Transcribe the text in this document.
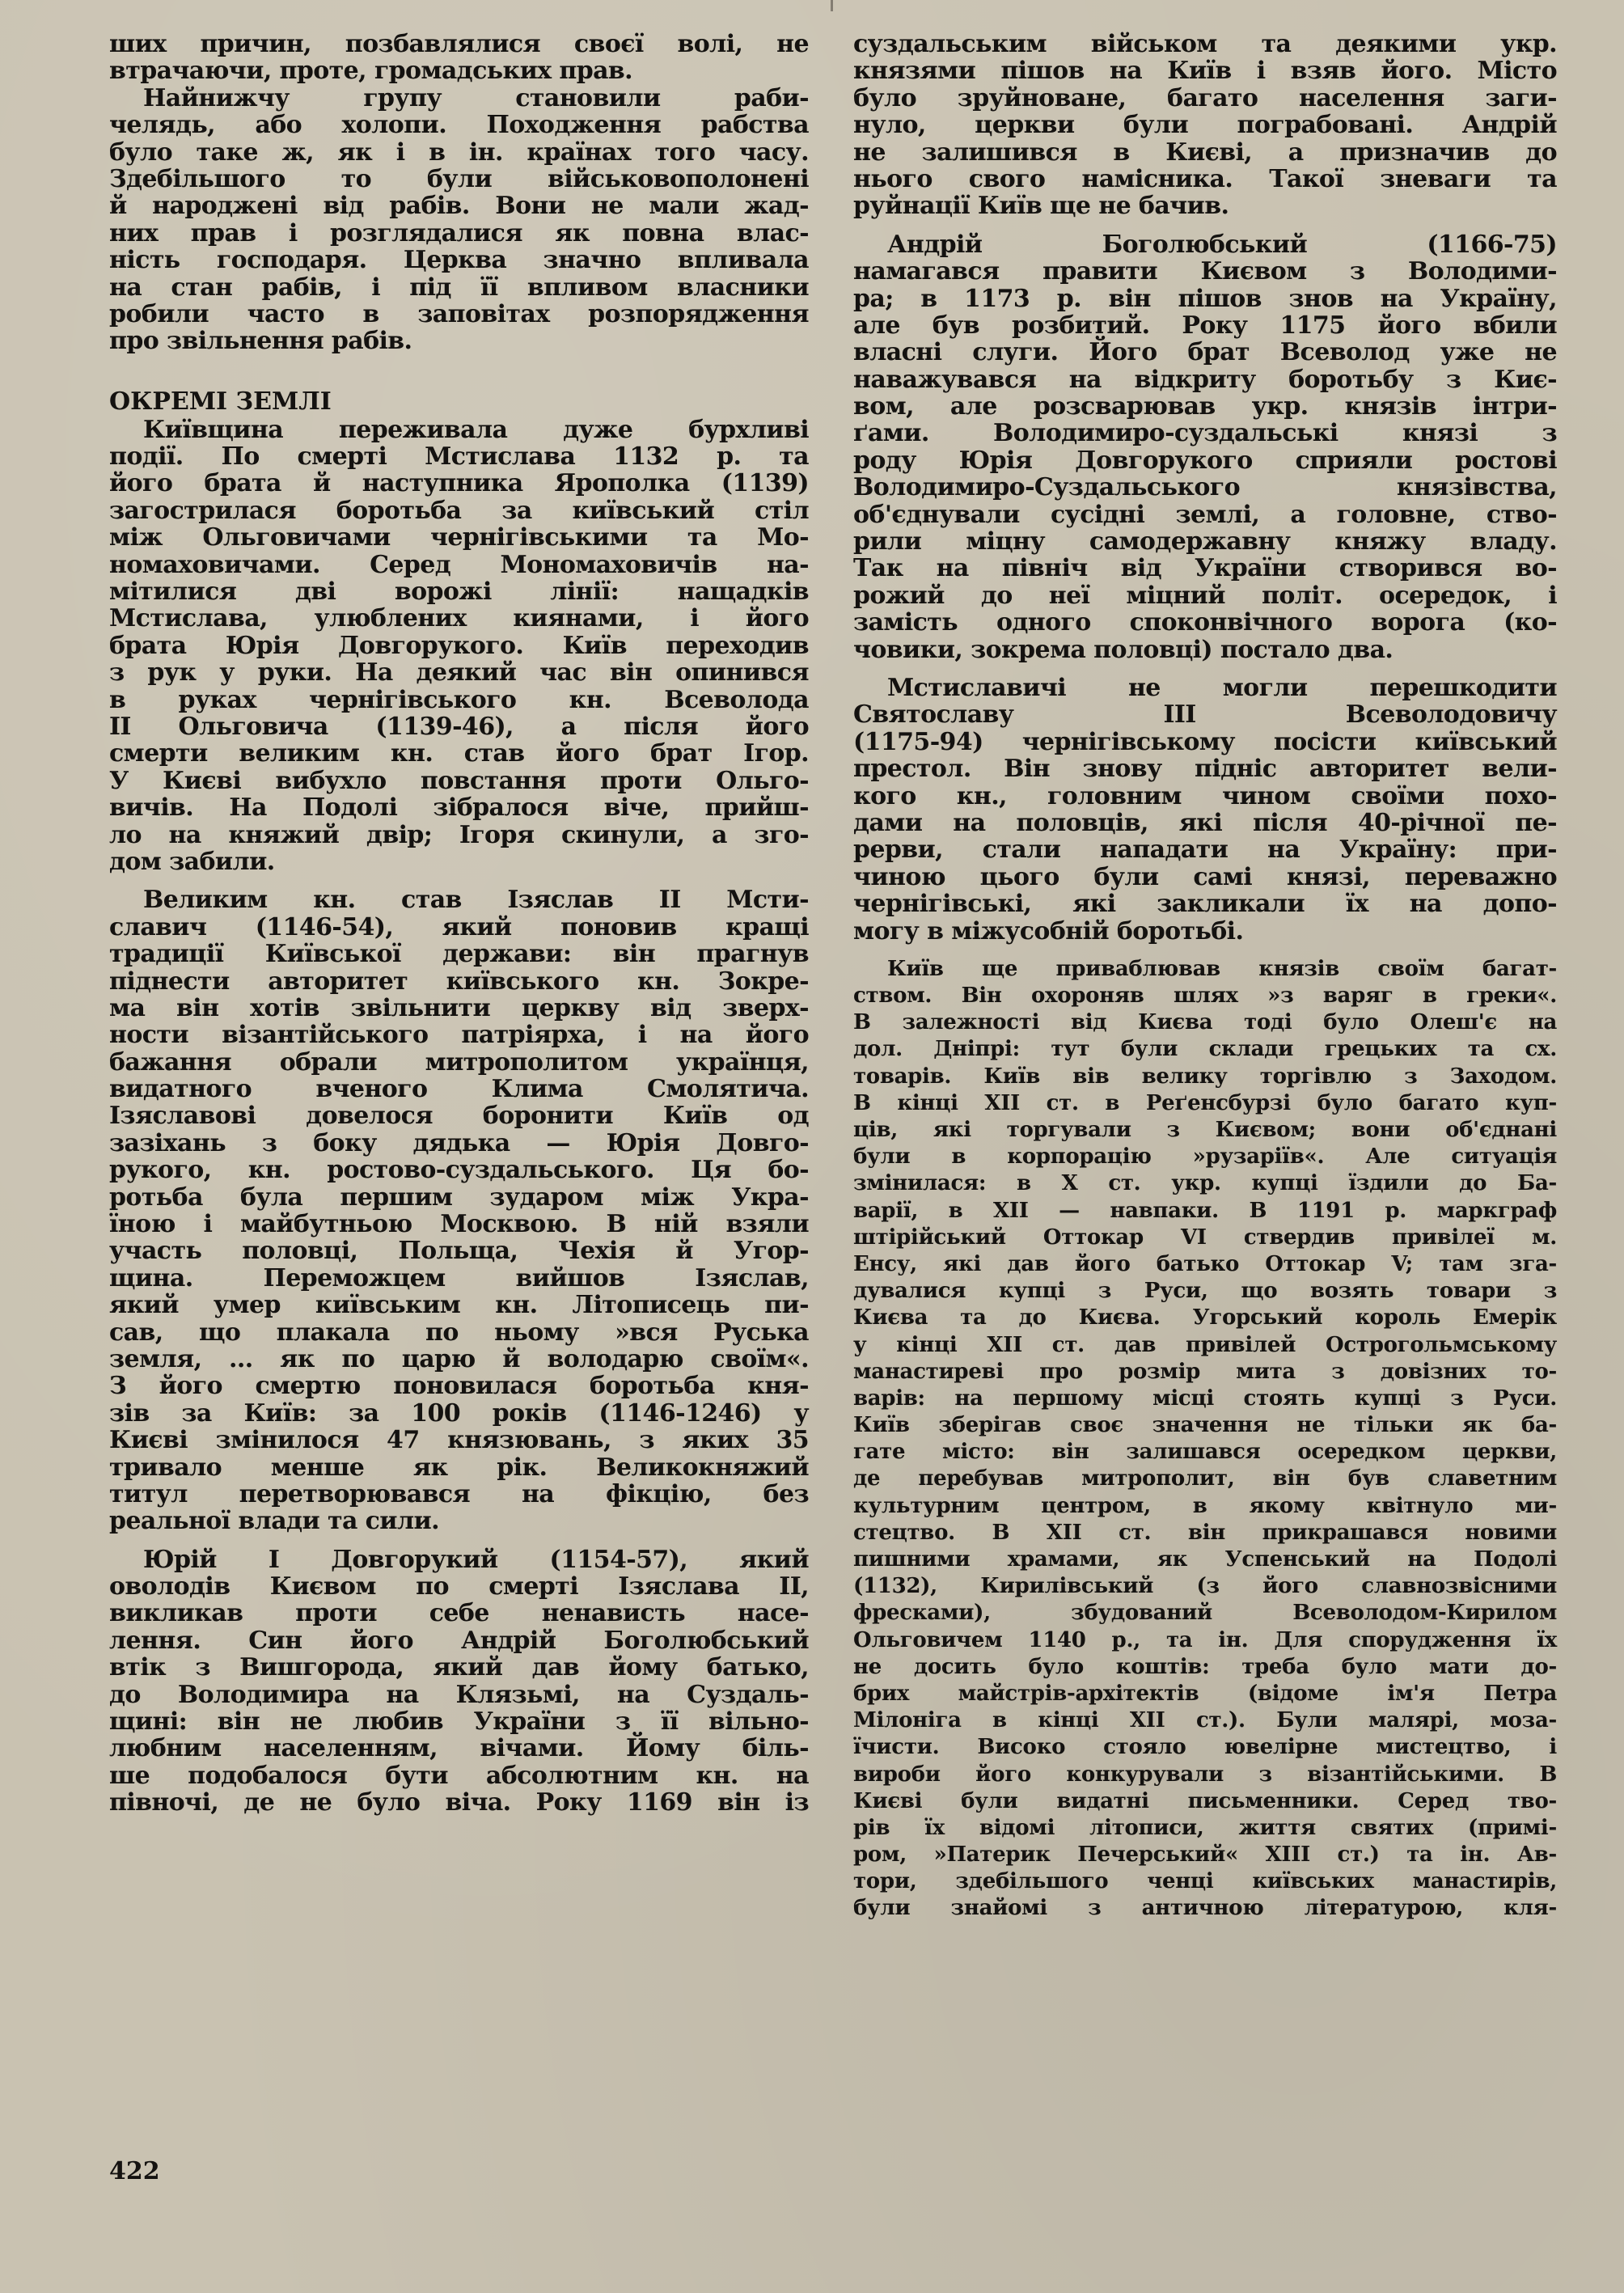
ших причин, позбавлялися своєї волі, не
втрачаючи, проте, громадських прав.
Найнижчу групу становили раби-
челядь, або холопи. Походження рабства
було таке ж, як і в ін. країнах того часу.
Здебільшого то були військовополонені
й народжені від рабів. Вони не мали жад-
них прав і розглядалися як повна влас-
ність господаря. Церква значно впливала
на стан рабів, і під її впливом власники
робили часто в заповітах розпорядження
про звільнення рабів.
ОКРЕМІ ЗЕМЛІ
Київщина переживала дуже бурхливі
події. По смерті Мстислава 1132 р. та
його брата й наступника Ярополка (1139)
загострилася боротьба за київський стіл
між Ольговичами чернігівськими та Мо-
номаховичами. Серед Мономаховичів на-
мітилися дві ворожі лінії: нащадків
Мстислава, улюблених киянами, і його
брата Юрія Довгорукого. Київ переходив
з рук у руки. На деякий час він опинився
в руках чернігівського кн. Всеволода
II Ольговича (1139-46), а після його
смерти великим кн. став його брат Ігор.
У Києві вибухло повстання проти Ольго-
вичів. На Подолі зібралося віче, прийш-
ло на княжий двір; Ігоря скинули, а зго-
дом забили.
Великим кн. став Ізяслав II Мсти-
славич (1146-54), який поновив кращі
традиції Київської держави: він прагнув
піднести авторитет київського кн. Зокре-
ма він хотів звільнити церкву від зверх-
ности візантійського патріярха, і на його
бажання обрали митрополитом українця,
видатного вченого Клима Смолятича.
Ізяславові довелося боронити Київ од
зазіхань з боку дядька — Юрія Довго-
рукого, кн. ростово-суздальського. Ця бо-
ротьба була першим зударом між Укра-
їною і майбутньою Москвою. В ній взяли
участь половці, Польща, Чехія й Угор-
щина. Переможцем вийшов Ізяслав,
який умер київським кн. Літописець пи-
сав, що плакала по ньому »вся Руська
земля, ... як по царю й володарю своїм«.
З його смертю поновилася боротьба кня-
зів за Київ: за 100 років (1146-1246) у
Києві змінилося 47 князювань, з яких 35
тривало менше як рік. Великокняжий
титул перетворювався на фікцію, без
реальної влади та сили.
Юрій I Довгорукий (1154-57), який
оволодів Києвом по смерті Ізяслава II,
викликав проти себе ненависть насе-
лення. Син його Андрій Боголюбський
втік з Вишгорода, який дав йому батько,
до Володимира на Клязьмі, на Суздаль-
щині: він не любив України з її вільно-
любним населенням, вічами. Йому біль-
ше подобалося бути абсолютним кн. на
півночі, де не було віча. Року 1169 він із
суздальським військом та деякими укр.
князями пішов на Київ і взяв його. Місто
було зруйноване, багато населення заги-
нуло, церкви були пограбовані. Андрій
не залишився в Києві, а призначив до
нього свого намісника. Такої зневаги та
руйнації Київ ще не бачив.
Андрій Боголюбський (1166-75)
намагався правити Києвом з Володими-
ра; в 1173 р. він пішов знов на Україну,
але був розбитий. Року 1175 його вбили
власні слуги. Його брат Всеволод уже не
наважувався на відкриту боротьбу з Киє-
вом, але розсварював укр. князів інтри-
ґами. Володимиро-суздальські князі з
роду Юрія Довгорукого сприяли ростові
Володимиро-Суздальського князівства,
об'єднували сусідні землі, а головне, ство-
рили міцну самодержавну княжу владу.
Так на північ від України створився во-
рожий до неї міцний політ. осередок, і
замість одного споконвічного ворога (ко-
човики, зокрема половці) постало два.
Мстиславичі не могли перешкодити
Святославу III Всеволодовичу
(1175-94) чернігівському посісти київський
престол. Він знову підніс авторитет вели-
кого кн., головним чином своїми похо-
дами на половців, які після 40-річної пе-
рерви, стали нападати на Україну: при-
чиною цього були самі князі, переважно
чернігівські, які закликали їх на допо-
могу в міжусобній боротьбі.
Київ ще приваблював князів своїм багат-
ством. Він охороняв шлях »з варяг в греки«.
В залежності від Києва тоді було Олеш'є на
дол. Дніпрі: тут були склади грецьких та сх.
товарів. Київ вів велику торгівлю з Заходом.
В кінці XII ст. в Реґенсбурзі було багато куп-
ців, які торгували з Києвом; вони об'єднані
були в корпорацію »рузаріїв«. Але ситуація
змінилася: в X ст. укр. купці їздили до Ба-
варії, в XII — навпаки. В 1191 р. маркграф
штірійський Оттокар VI ствердив привілеї м.
Енсу, які дав його батько Оттокар V; там зга-
дувалися купці з Руси, що возять товари з
Києва та до Києва. Угорський король Емерік
у кінці XII ст. дав привілей Острогольмському
манастиреві про розмір мита з довізних то-
варів: на першому місці стоять купці з Руси.
Київ зберігав своє значення не тільки як ба-
гате місто: він залишався осередком церкви,
де перебував митрополит, він був славетним
культурним центром, в якому квітнуло ми-
стецтво. В XII ст. він прикрашався новими
пишними храмами, як Успенський на Подолі
(1132), Кирилівський (з його славнозвісними
фресками), збудований Всеволодом-Кирилом
Ольговичем 1140 р., та ін. Для спорудження їх
не досить було коштів: треба було мати до-
брих майстрів-архітектів (відоме ім'я Петра
Мілоніга в кінці XII ст.). Були малярі, моза-
їчисти. Високо стояло ювелірне мистецтво, і
вироби його конкурували з візантійськими. В
Києві були видатні письменники. Серед тво-
рів їх відомі літописи, життя святих (примі-
ром, »Патерик Печерський« XIII ст.) та ін. Ав-
тори, здебільшого ченці київських манастирів,
були знайомі з античною літературою, кля-
422
